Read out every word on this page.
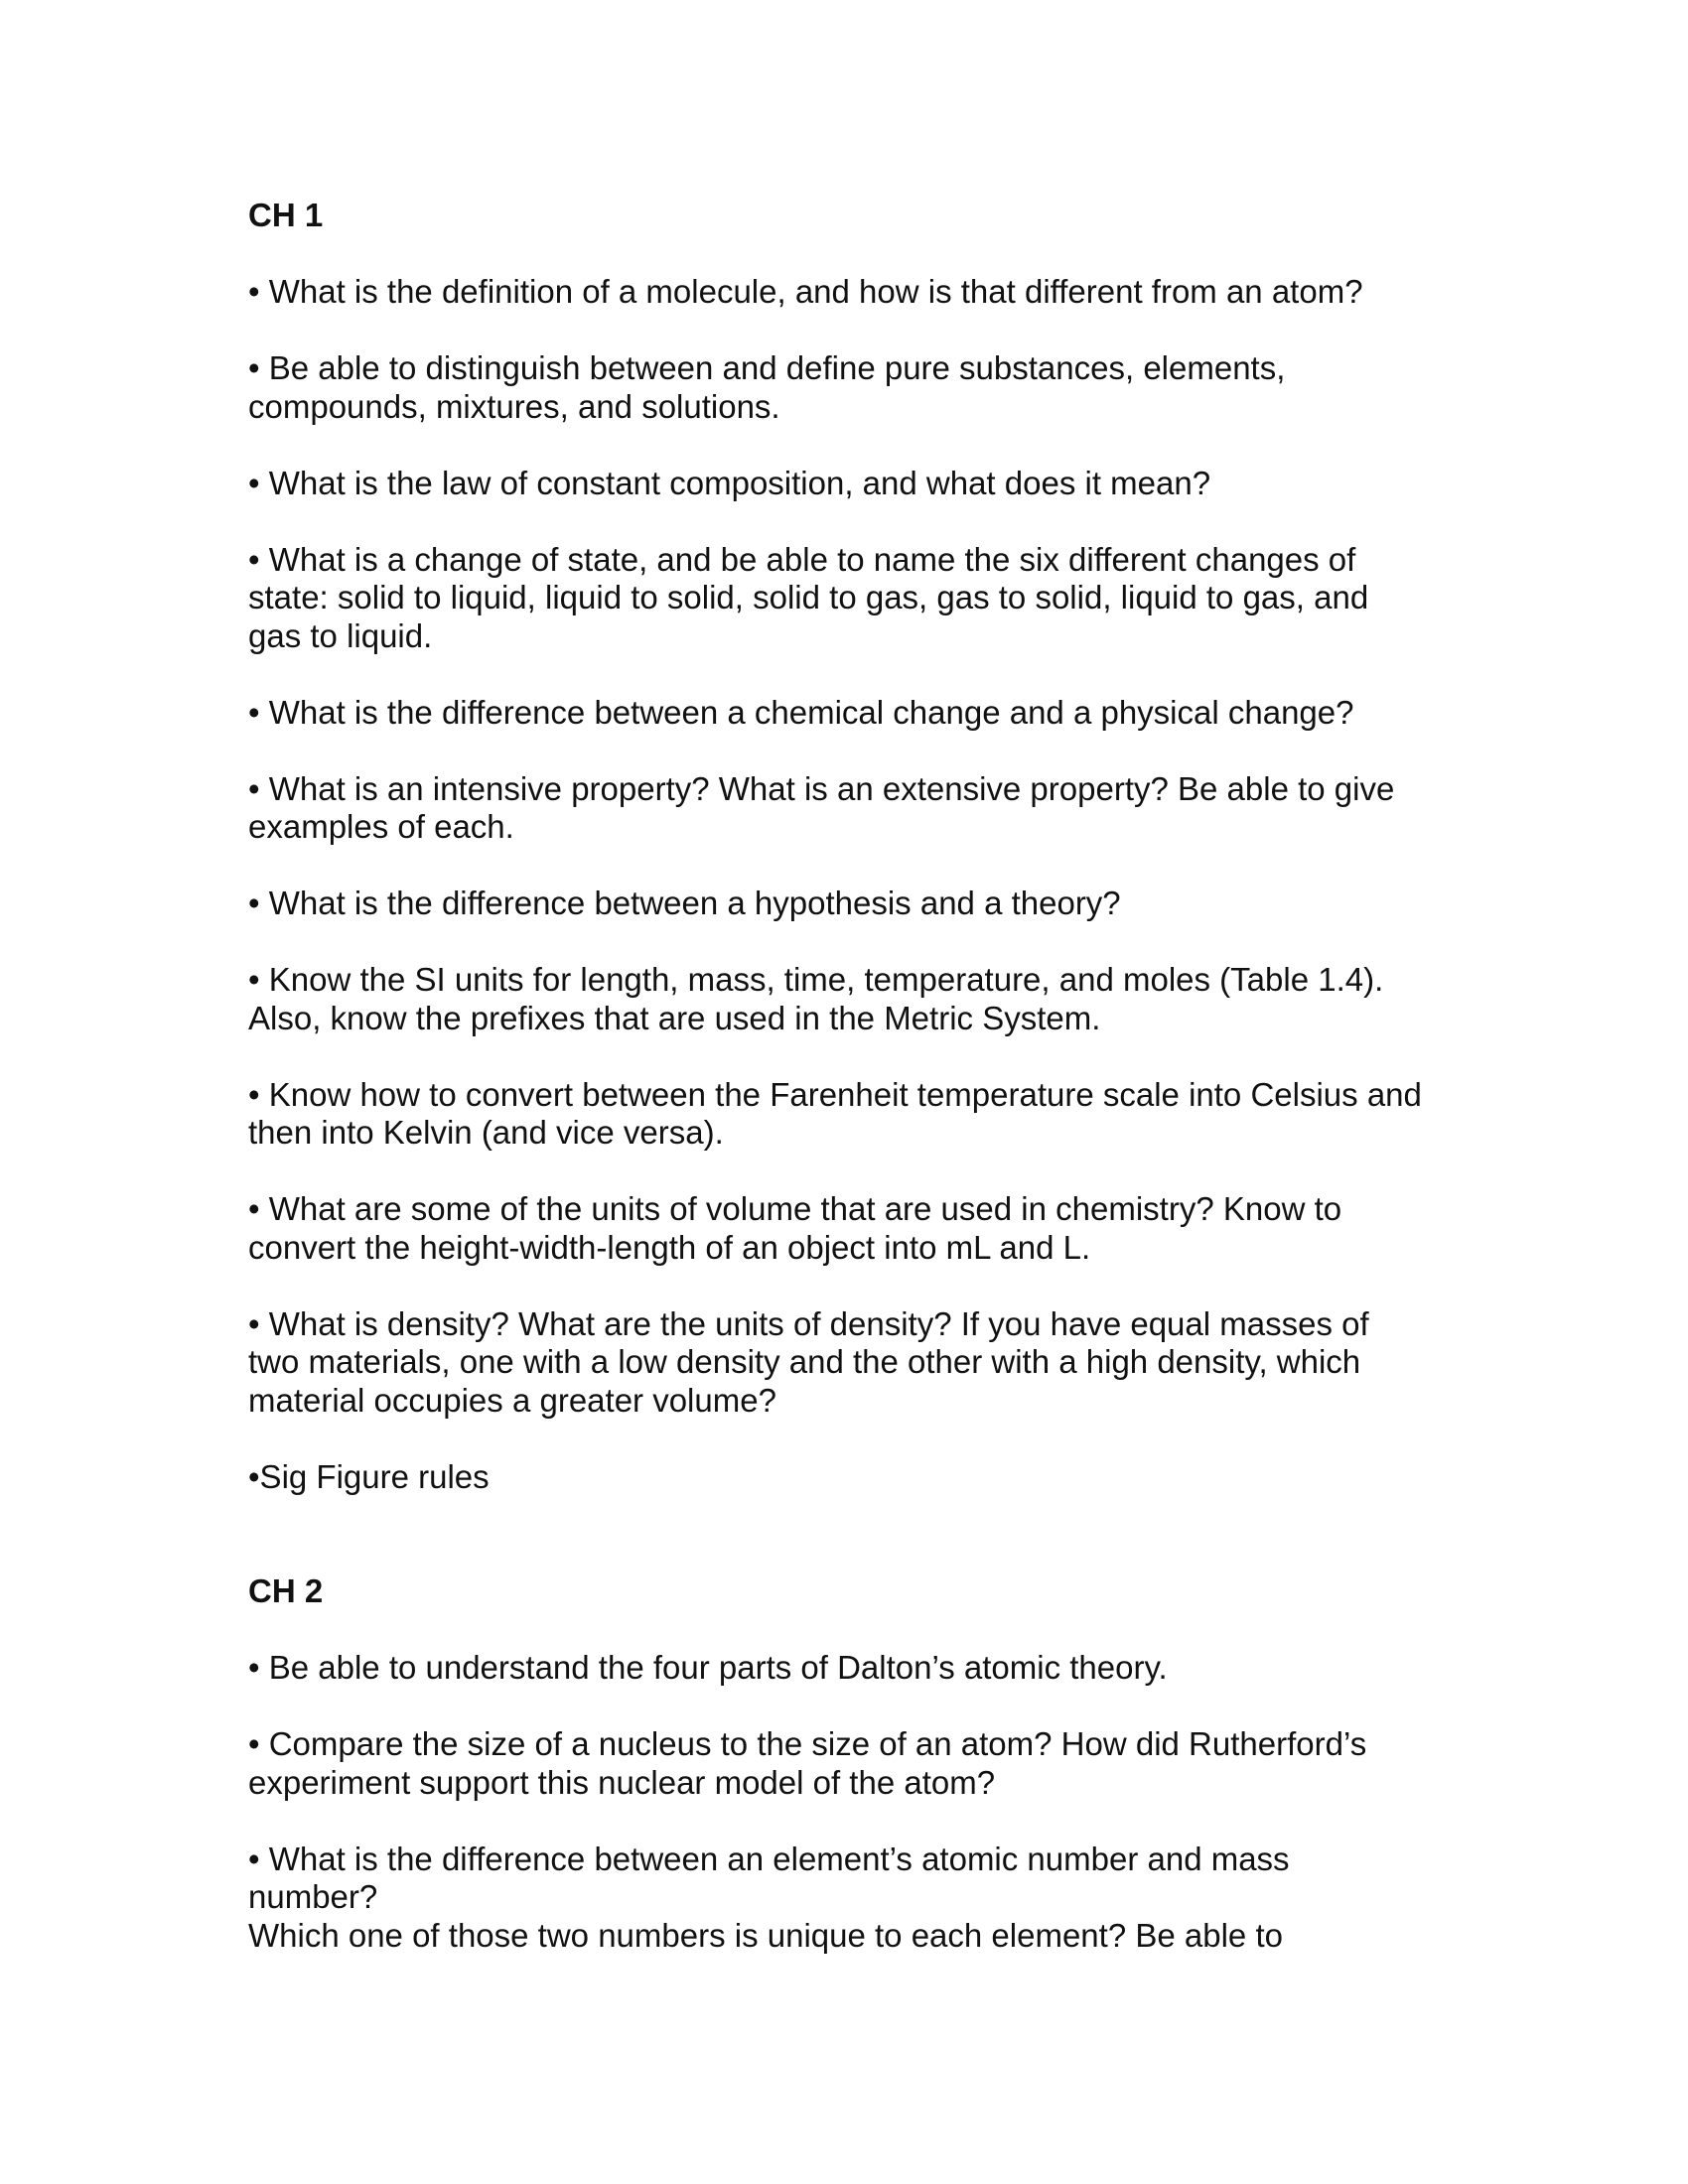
CH 1

• What is the definition of a molecule, and how is that different from an atom?
• Be able to distinguish between and define pure substances, elements,
compounds, mixtures, and solutions.
• What is the law of constant composition, and what does it mean?
• What is a change of state, and be able to name the six different changes of
state: solid to liquid, liquid to solid, solid to gas, gas to solid, liquid to gas, and
gas to liquid.
• What is the difference between a chemical change and a physical change?
• What is an intensive property? What is an extensive property? Be able to give
examples of each.
• What is the difference between a hypothesis and a theory?
• Know the SI units for length, mass, time, temperature, and moles (Table 1.4).
Also, know the prefixes that are used in the Metric System.
• Know how to convert between the Farenheit temperature scale into Celsius and
then into Kelvin (and vice versa).
• What are some of the units of volume that are used in chemistry? Know to
convert the height-width-length of an object into mL and L.
• What is density? What are the units of density? If you have equal masses of
two materials, one with a low density and the other with a high density, which
material occupies a greater volume?
•Sig Figure rules

CH 2

• Be able to understand the four parts of Dalton’s atomic theory.
• Compare the size of a nucleus to the size of an atom? How did Rutherford’s
experiment support this nuclear model of the atom?
• What is the difference between an element’s atomic number and mass
number?
Which one of those two numbers is unique to each element? Be able to
